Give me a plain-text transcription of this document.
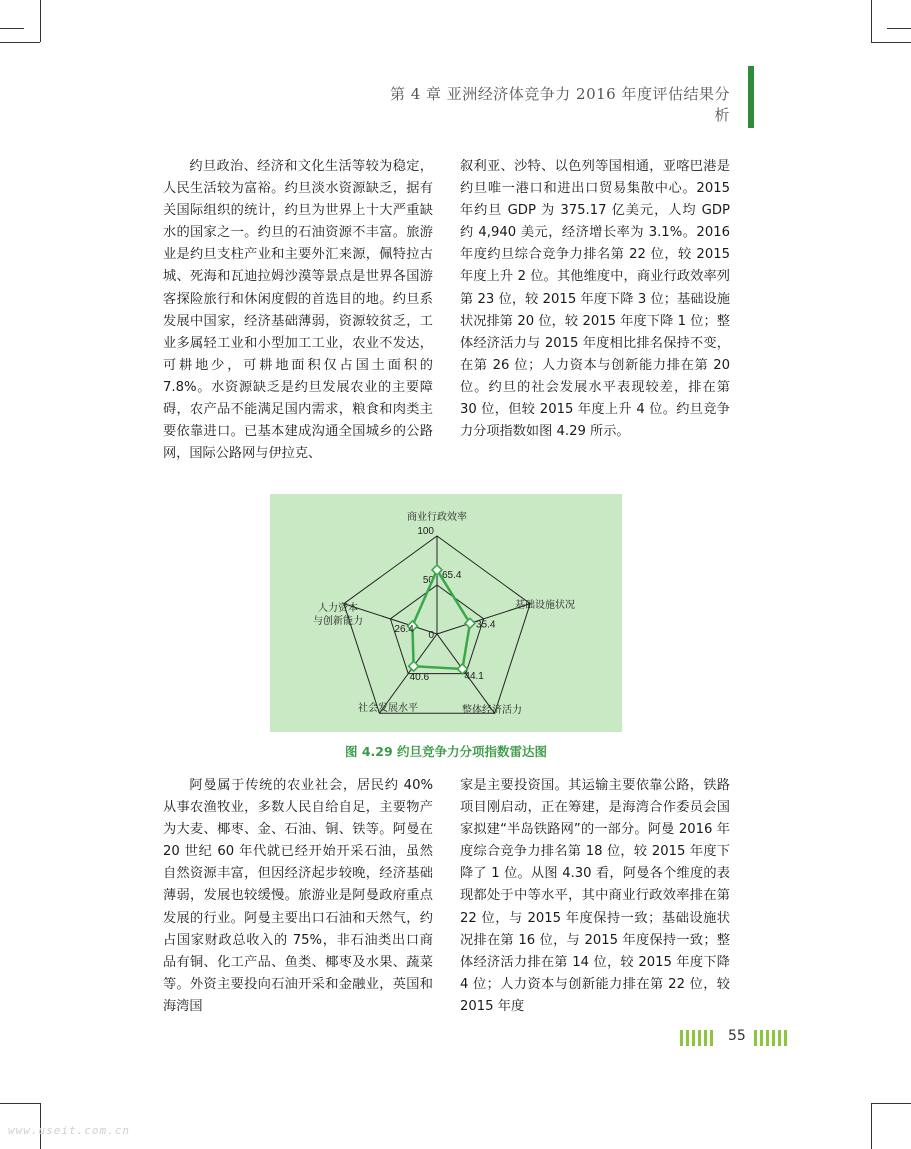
第 4 章 亚洲经济体竞争力 2016 年度评估结果分析

约旦政治、经济和文化生活等较为稳定，人民生活较为富裕。约旦淡水资源缺乏，据有关国际组织的统计，约旦为世界上十大严重缺水的国家之一。约旦的石油资源不丰富。旅游业是约旦支柱产业和主要外汇来源，佩特拉古城、死海和瓦迪拉姆沙漠等景点是世界各国游客探险旅行和休闲度假的首选目的地。约旦系发展中国家，经济基础薄弱，资源较贫乏，工业多属轻工业和小型加工工业，农业不发达，可耕地少，可耕地面积仅占国土面积的 7.8%。水资源缺乏是约旦发展农业的主要障碍，农产品不能满足国内需求，粮食和肉类主要依靠进口。已基本建成沟通全国城乡的公路网，国际公路网与伊拉克、

叙利亚、沙特、以色列等国相通，亚喀巴港是约旦唯一港口和进出口贸易集散中心。2015 年约旦 GDP 为 375.17 亿美元，人均 GDP 约 4,940 美元，经济增长率为 3.1%。2016 年度约旦综合竞争力排名第 22 位，较 2015 年度上升 2 位。其他维度中，商业行政效率列第 23 位，较 2015 年度下降 3 位；基础设施状况排第 20 位，较 2015 年度下降 1 位；整体经济活力与 2015 年度相比排名保持不变，在第 26 位；人力资本与创新能力排在第 20 位。约旦的社会发展水平表现较差，排在第 30 位，但较 2015 年度上升 4 位。约旦竞争力分项指数如图 4.29 所示。

0
50
100
65.4
35.4
44.1
40.6
26.4
商业行政效率
基础设施状况
整体经济活力
社会发展水平
人力资本
与创新能力
图 4.29 约旦竞争力分项指数雷达图

阿曼属于传统的农业社会，居民约 40% 从事农渔牧业，多数人民自给自足，主要物产为大麦、椰枣、金、石油、铜、铁等。阿曼在 20 世纪 60 年代就已经开始开采石油，虽然自然资源丰富，但因经济起步较晚，经济基础薄弱，发展也较缓慢。旅游业是阿曼政府重点发展的行业。阿曼主要出口石油和天然气，约占国家财政总收入的 75%，非石油类出口商品有铜、化工产品、鱼类、椰枣及水果、蔬菜等。外资主要投向石油开采和金融业，英国和海湾国

家是主要投资国。其运输主要依靠公路，铁路项目刚启动，正在筹建，是海湾合作委员会国家拟建“半岛铁路网”的一部分。阿曼 2016 年度综合竞争力排名第 18 位，较 2015 年度下降了 1 位。从图 4.30 看，阿曼各个维度的表现都处于中等水平，其中商业行政效率排在第 22 位，与 2015 年度保持一致；基础设施状况排在第 16 位，与 2015 年度保持一致；整体经济活力排在第 14 位，较 2015 年度下降 4 位；人力资本与创新能力排在第 22 位，较 2015 年度

55
www.useit.com.cn
